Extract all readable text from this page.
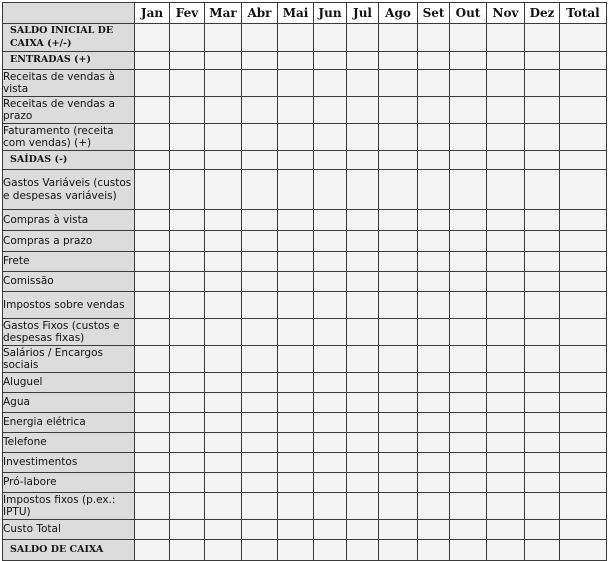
	Jan	Fev	Mar	Abr	Mai	Jun	Jul	Ago	Set	Out	Nov	Dez	Total
SALDO INICIAL DE CAIXA (+/-)													
ENTRADAS (+)													
Receitas de vendas à vista													
Receitas de vendas a prazo													
Faturamento (receita com vendas) (+)													
SAÍDAS (-)													
Gastos Variáveis (custos e despesas variáveis)													
Compras à vista													
Compras a prazo													
Frete													
Comissão													
Impostos sobre vendas													
Gastos Fixos (custos e despesas fixas)													
Salários / Encargos sociais													
Aluguel													
Agua													
Energia elétrica													
Telefone													
Investimentos													
Pró-labore													
Impostos fixos (p.ex.: IPTU)													
Custo Total													
SALDO DE CAIXA													
